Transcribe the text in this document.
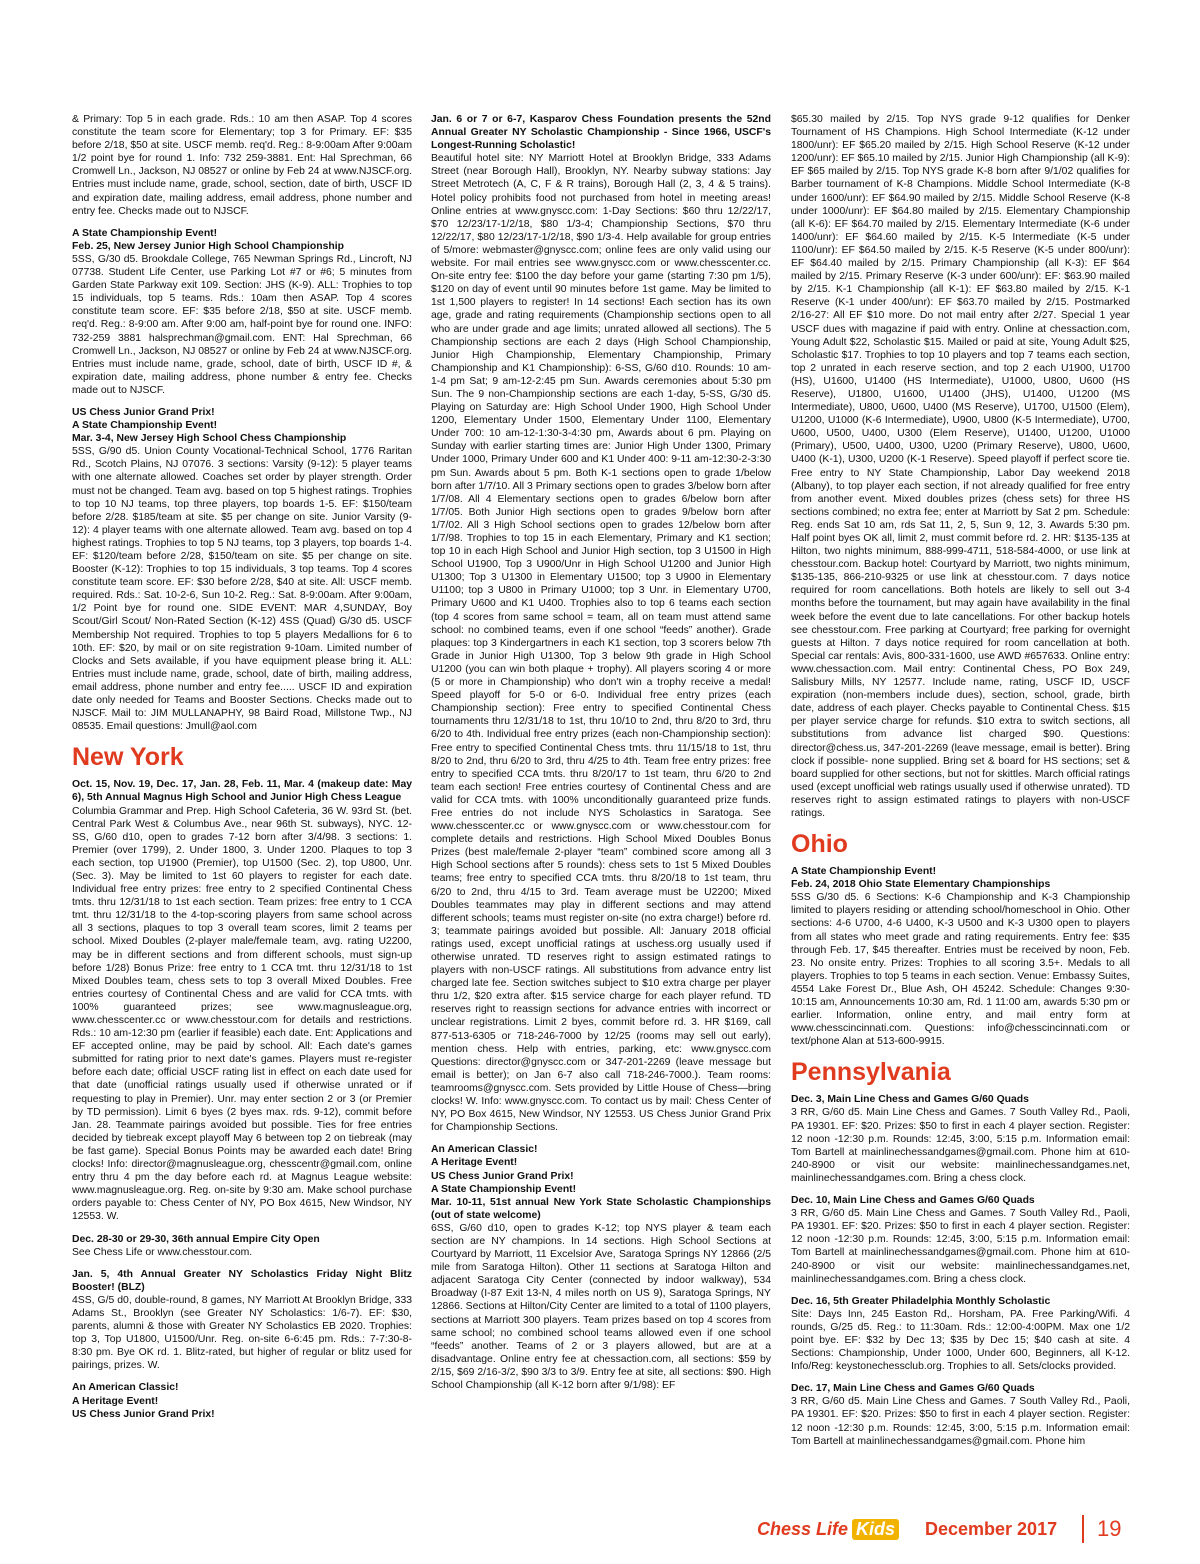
& Primary: Top 5 in each grade. Rds.: 10 am then ASAP. Top 4 scores constitute the team score for Elementary; top 3 for Primary. EF: $35 before 2/18, $50 at site. USCF memb. req'd. Reg.: 8-9:00am After 9:00am 1/2 point bye for round 1. Info: 732 259-3881. Ent: Hal Sprechman, 66 Cromwell Ln., Jackson, NJ 08527 or online by Feb 24 at www.NJSCF.org. Entries must include name, grade, school, section, date of birth, USCF ID and expiration date, mailing address, email address, phone number and entry fee. Checks made out to NJSCF.

A State Championship Event!
Feb. 25, New Jersey Junior High School Championship
5SS, G/30 d5. Brookdale College, 765 Newman Springs Rd., Lincroft, NJ 07738. Student Life Center, use Parking Lot #7 or #6; 5 minutes from Garden State Parkway exit 109. Section: JHS (K-9). ALL: Trophies to top 15 individuals, top 5 teams. Rds.: 10am then ASAP. Top 4 scores constitute team score. EF: $35 before 2/18, $50 at site. USCF memb. req'd. Reg.: 8-9:00 am. After 9:00 am, half-point bye for round one. INFO: 732-259 3881 halsprechman@gmail.com. ENT: Hal Sprechman, 66 Cromwell Ln., Jackson, NJ 08527 or online by Feb 24 at www.NJSCF.org. Entries must include name, grade, school, date of birth, USCF ID #, & expiration date, mailing address, phone number & entry fee. Checks made out to NJSCF.

US Chess Junior Grand Prix!
A State Championship Event!
Mar. 3-4, New Jersey High School Chess Championship
5SS, G/90 d5. Union County Vocational-Technical School, 1776 Raritan Rd., Scotch Plains, NJ 07076. 3 sections: Varsity (9-12): 5 player teams with one alternate allowed. Coaches set order by player strength. Order must not be changed. Team avg. based on top 5 highest ratings. Trophies to top 10 NJ teams, top three players, top boards 1-5. EF: $150/team before 2/28. $185/team at site. $5 per change on site. Junior Varsity (9-12): 4 player teams with one alternate allowed. Team avg. based on top 4 highest ratings. Trophies to top 5 NJ teams, top 3 players, top boards 1-4. EF: $120/team before 2/28, $150/team on site. $5 per change on site. Booster (K-12): Trophies to top 15 individuals, 3 top teams. Top 4 scores constitute team score. EF: $30 before 2/28, $40 at site. All: USCF memb. required. Rds.: Sat. 10-2-6, Sun 10-2. Reg.: Sat. 8-9:00am. After 9:00am, 1/2 Point bye for round one. SIDE EVENT: MAR 4,SUNDAY, Boy Scout/Girl Scout/ Non-Rated Section (K-12) 4SS (Quad) G/30 d5. USCF Membership Not required. Trophies to top 5 players Medallions for 6 to 10th. EF: $20, by mail or on site registration 9-10am. Limited number of Clocks and Sets available, if you have equipment please bring it. ALL: Entries must include name, grade, school, date of birth, mailing address, email address, phone number and entry fee..... USCF ID and expiration date only needed for Teams and Booster Sections. Checks made out to NJSCF. Mail to: JIM MULLANAPHY, 98 Baird Road, Millstone Twp., NJ 08535. Email questions: Jmull@aol.com

New York

Oct. 15, Nov. 19, Dec. 17, Jan. 28, Feb. 11, Mar. 4 (makeup date: May 6), 5th Annual Magnus High School and Junior High Chess League
Columbia Grammar and Prep. High School Cafeteria, 36 W. 93rd St. (bet. Central Park West & Columbus Ave., near 96th St. subways), NYC. 12-SS, G/60 d10, open to grades 7-12 born after 3/4/98. 3 sections: 1. Premier (over 1799), 2. Under 1800, 3. Under 1200. Plaques to top 3 each section, top U1900 (Premier), top U1500 (Sec. 2), top U800, Unr. (Sec. 3). May be limited to 1st 60 players to register for each date. Individual free entry prizes: free entry to 2 specified Continental Chess tmts. thru 12/31/18 to 1st each section. Team prizes: free entry to 1 CCA tmt. thru 12/31/18 to the 4-top-scoring players from same school across all 3 sections, plaques to top 3 overall team scores, limit 2 teams per school. Mixed Doubles (2-player male/female team, avg. rating U2200, may be in different sections and from different schools, must sign-up before 1/28) Bonus Prize: free entry to 1 CCA tmt. thru 12/31/18 to 1st Mixed Doubles team, chess sets to top 3 overall Mixed Doubles. Free entries courtesy of Continental Chess and are valid for CCA tmts. with 100% guaranteed prizes; see www.magnusleague.org, www.chesscenter.cc or www.chesstour.com for details and restrictions. Rds.: 10 am-12:30 pm (earlier if feasible) each date. Ent: Applications and EF accepted online, may be paid by school. All: Each date's games submitted for rating prior to next date's games. Players must re-register before each date; official USCF rating list in effect on each date used for that date (unofficial ratings usually used if otherwise unrated or if requesting to play in Premier). Unr. may enter section 2 or 3 (or Premier by TD permission). Limit 6 byes (2 byes max. rds. 9-12), commit before Jan. 28. Teammate pairings avoided but possible. Ties for free entries decided by tiebreak except playoff May 6 between top 2 on tiebreak (may be fast game). Special Bonus Points may be awarded each date! Bring clocks! Info: director@magnusleague.org, chesscentr@gmail.com, online entry thru 4 pm the day before each rd. at Magnus League website: www.magnusleague.org. Reg. on-site by 9:30 am. Make school purchase orders payable to: Chess Center of NY, PO Box 4615, New Windsor, NY 12553. W.

Dec. 28-30 or 29-30, 36th annual Empire City Open
See Chess Life or www.chesstour.com.

Jan. 5, 4th Annual Greater NY Scholastics Friday Night Blitz Booster! (BLZ)
4SS, G/5 d0, double-round, 8 games, NY Marriott At Brooklyn Bridge, 333 Adams St., Brooklyn (see Greater NY Scholastics: 1/6-7). EF: $30, parents, alumni & those with Greater NY Scholastics EB 2020. Trophies: top 3, Top U1800, U1500/Unr. Reg. on-site 6-6:45 pm. Rds.: 7-7:30-8-8:30 pm. Bye OK rd. 1. Blitz-rated, but higher of regular or blitz used for pairings, prizes. W.

An American Classic!
A Heritage Event!
US Chess Junior Grand Prix!

Jan. 6 or 7 or 6-7, Kasparov Chess Foundation presents the 52nd Annual Greater NY Scholastic Championship - Since 1966, USCF's Longest-Running Scholastic!
Beautiful hotel site: NY Marriott Hotel at Brooklyn Bridge, 333 Adams Street (near Borough Hall), Brooklyn, NY. Nearby subway stations: Jay Street Metrotech (A, C, F & R trains), Borough Hall (2, 3, 4 & 5 trains). Hotel policy prohibits food not purchased from hotel in meeting areas! Online entries at www.gnyscc.com: 1-Day Sections: $60 thru 12/22/17, $70 12/23/17-1/2/18, $80 1/3-4; Championship Sections, $70 thru 12/22/17, $80 12/23/17-1/2/18, $90 1/3-4. Help available for group entries of 5/more: webmaster@gnyscc.com; online fees are only valid using our website. For mail entries see www.gnyscc.com or www.chesscenter.cc. On-site entry fee: $100 the day before your game (starting 7:30 pm 1/5), $120 on day of event until 90 minutes before 1st game. May be limited to 1st 1,500 players to register! In 14 sections! Each section has its own age, grade and rating requirements (Championship sections open to all who are under grade and age limits; unrated allowed all sections). The 5 Championship sections are each 2 days (High School Championship, Junior High Championship, Elementary Championship, Primary Championship and K1 Championship): 6-SS, G/60 d10. Rounds: 10 am-1-4 pm Sat; 9 am-12-2:45 pm Sun. Awards ceremonies about 5:30 pm Sun. The 9 non-Championship sections are each 1-day, 5-SS, G/30 d5. Playing on Saturday are: High School Under 1900, High School Under 1200, Elementary Under 1500, Elementary Under 1100, Elementary Under 700: 10 am-12-1:30-3-4:30 pm, Awards about 6 pm. Playing on Sunday with earlier starting times are: Junior High Under 1300, Primary Under 1000, Primary Under 600 and K1 Under 400: 9-11 am-12:30-2-3:30 pm Sun. Awards about 5 pm. Both K-1 sections open to grade 1/below born after 1/7/10. All 3 Primary sections open to grades 3/below born after 1/7/08. All 4 Elementary sections open to grades 6/below born after 1/7/05. Both Junior High sections open to grades 9/below born after 1/7/02. All 3 High School sections open to grades 12/below born after 1/7/98. Trophies to top 15 in each Elementary, Primary and K1 section; top 10 in each High School and Junior High section, top 3 U1500 in High School U1900, Top 3 U900/Unr in High School U1200 and Junior High U1300; Top 3 U1300 in Elementary U1500; top 3 U900 in Elementary U1100; top 3 U800 in Primary U1000; top 3 Unr. in Elementary U700, Primary U600 and K1 U400. Trophies also to top 6 teams each section (top 4 scores from same school = team, all on team must attend same school: no combined teams, even if one school “feeds” another). Grade plaques: top 3 Kindergartners in each K1 section, top 3 scorers below 7th Grade in Junior High U1300, Top 3 below 9th grade in High School U1200 (you can win both plaque + trophy). All players scoring 4 or more (5 or more in Championship) who don't win a trophy receive a medal! Speed playoff for 5-0 or 6-0. Individual free entry prizes (each Championship section): Free entry to specified Continental Chess tournaments thru 12/31/18 to 1st, thru 10/10 to 2nd, thru 8/20 to 3rd, thru 6/20 to 4th. Individual free entry prizes (each non-Championship section): Free entry to specified Continental Chess tmts. thru 11/15/18 to 1st, thru 8/20 to 2nd, thru 6/20 to 3rd, thru 4/25 to 4th. Team free entry prizes: free entry to specified CCA tmts. thru 8/20/17 to 1st team, thru 6/20 to 2nd team each section! Free entries courtesy of Continental Chess and are valid for CCA tmts. with 100% unconditionally guaranteed prize funds. Free entries do not include NYS Scholastics in Saratoga. See www.chesscenter.cc or www.gnyscc.com or www.chesstour.com for complete details and restrictions. High School Mixed Doubles Bonus Prizes (best male/female 2-player “team” combined score among all 3 High School sections after 5 rounds): chess sets to 1st 5 Mixed Doubles teams; free entry to specified CCA tmts. thru 8/20/18 to 1st team, thru 6/20 to 2nd, thru 4/15 to 3rd. Team average must be U2200; Mixed Doubles teammates may play in different sections and may attend different schools; teams must register on-site (no extra charge!) before rd. 3; teammate pairings avoided but possible. All: January 2018 official ratings used, except unofficial ratings at uschess.org usually used if otherwise unrated. TD reserves right to assign estimated ratings to players with non-USCF ratings. All substitutions from advance entry list charged late fee. Section switches subject to $10 extra charge per player thru 1/2, $20 extra after. $15 service charge for each player refund. TD reserves right to reassign sections for advance entries with incorrect or unclear registrations. Limit 2 byes, commit before rd. 3. HR $169, call 877-513-6305 or 718-246-7000 by 12/25 (rooms may sell out early), mention chess. Help with entries, parking, etc: www.gnyscc.com Questions: director@gnyscc.com or 347-201-2269 (leave message but email is better); on Jan 6-7 also call 718-246-7000.). Team rooms: teamrooms@gnyscc.com. Sets provided by Little House of Chess—bring clocks! W. Info: www.gnyscc.com. To contact us by mail: Chess Center of NY, PO Box 4615, New Windsor, NY 12553. US Chess Junior Grand Prix for Championship Sections.

An American Classic!
A Heritage Event!
US Chess Junior Grand Prix!
A State Championship Event!
Mar. 10-11, 51st annual New York State Scholastic Championships (out of state welcome)
6SS, G/60 d10, open to grades K-12; top NYS player & team each section are NY champions. In 14 sections. High School Sections at Courtyard by Marriott, 11 Excelsior Ave, Saratoga Springs NY 12866 (2/5 mile from Saratoga Hilton). Other 11 sections at Saratoga Hilton and adjacent Saratoga City Center (connected by indoor walkway), 534 Broadway (I-87 Exit 13-N, 4 miles north on US 9), Saratoga Springs, NY 12866. Sections at Hilton/City Center are limited to a total of 1100 players, sections at Marriott 300 players. Team prizes based on top 4 scores from same school; no combined school teams allowed even if one school “feeds” another. Teams of 2 or 3 players allowed, but are at a disadvantage. Online entry fee at chessaction.com, all sections: $59 by 2/15, $69 2/16-3/2, $90 3/3 to 3/9. Entry fee at site, all sections: $90. High School Championship (all K-12 born after 9/1/98): EF

$65.30 mailed by 2/15. Top NYS grade 9-12 qualifies for Denker Tournament of HS Champions. High School Intermediate (K-12 under 1800/unr): EF $65.20 mailed by 2/15. High School Reserve (K-12 under 1200/unr): EF $65.10 mailed by 2/15. Junior High Championship (all K-9): EF $65 mailed by 2/15. Top NYS grade K-8 born after 9/1/02 qualifies for Barber tournament of K-8 Champions. Middle School Intermediate (K-8 under 1600/unr): EF $64.90 mailed by 2/15. Middle School Reserve (K-8 under 1000/unr): EF $64.80 mailed by 2/15. Elementary Championship (all K-6): EF $64.70 mailed by 2/15. Elementary Intermediate (K-6 under 1400/unr): EF $64.60 mailed by 2/15. K-5 Intermediate (K-5 under 1100/unr): EF $64.50 mailed by 2/15. K-5 Reserve (K-5 under 800/unr): EF $64.40 mailed by 2/15. Primary Championship (all K-3): EF $64 mailed by 2/15. Primary Reserve (K-3 under 600/unr): EF: $63.90 mailed by 2/15. K-1 Championship (all K-1): EF $63.80 mailed by 2/15. K-1 Reserve (K-1 under 400/unr): EF $63.70 mailed by 2/15. Postmarked 2/16-27: All EF $10 more. Do not mail entry after 2/27. Special 1 year USCF dues with magazine if paid with entry. Online at chessaction.com, Young Adult $22, Scholastic $15. Mailed or paid at site, Young Adult $25, Scholastic $17. Trophies to top 10 players and top 7 teams each section, top 2 unrated in each reserve section, and top 2 each U1900, U1700 (HS), U1600, U1400 (HS Intermediate), U1000, U800, U600 (HS Reserve), U1800, U1600, U1400 (JHS), U1400, U1200 (MS Intermediate), U800, U600, U400 (MS Reserve), U1700, U1500 (Elem), U1200, U1000 (K-6 Intermediate), U900, U800 (K-5 Intermediate), U700, U600, U500, U400, U300 (Elem Reserve), U1400, U1200, U1000 (Primary), U500, U400, U300, U200 (Primary Reserve), U800, U600, U400 (K-1), U300, U200 (K-1 Reserve). Speed playoff if perfect score tie. Free entry to NY State Championship, Labor Day weekend 2018 (Albany), to top player each section, if not already qualified for free entry from another event. Mixed doubles prizes (chess sets) for three HS sections combined; no extra fee; enter at Marriott by Sat 2 pm. Schedule: Reg. ends Sat 10 am, rds Sat 11, 2, 5, Sun 9, 12, 3. Awards 5:30 pm. Half point byes OK all, limit 2, must commit before rd. 2. HR: $135-135 at Hilton, two nights minimum, 888-999-4711, 518-584-4000, or use link at chesstour.com. Backup hotel: Courtyard by Marriott, two nights minimum, $135-135, 866-210-9325 or use link at chesstour.com. 7 days notice required for room cancellations. Both hotels are likely to sell out 3-4 months before the tournament, but may again have availability in the final week before the event due to late cancellations. For other backup hotels see chesstour.com. Free parking at Courtyard; free parking for overnight guests at Hilton. 7 days notice required for room cancellation at both. Special car rentals: Avis, 800-331-1600, use AWD #657633. Online entry: www.chessaction.com. Mail entry: Continental Chess, PO Box 249, Salisbury Mills, NY 12577. Include name, rating, USCF ID, USCF expiration (non-members include dues), section, school, grade, birth date, address of each player. Checks payable to Continental Chess. $15 per player service charge for refunds. $10 extra to switch sections, all substitutions from advance list charged $90. Questions: director@chess.us, 347-201-2269 (leave message, email is better). Bring clock if possible- none supplied. Bring set & board for HS sections; set & board supplied for other sections, but not for skittles. March official ratings used (except unofficial web ratings usually used if otherwise unrated). TD reserves right to assign estimated ratings to players with non-USCF ratings.

Ohio

A State Championship Event!
Feb. 24, 2018 Ohio State Elementary Championships
5SS G/30 d5. 6 Sections: K-6 Championship and K-3 Championship limited to players residing or attending school/homeschool in Ohio. Other sections: 4-6 U700, 4-6 U400, K-3 U500 and K-3 U300 open to players from all states who meet grade and rating requirements. Entry fee: $35 through Feb. 17, $45 thereafter. Entries must be received by noon, Feb. 23. No onsite entry. Prizes: Trophies to all scoring 3.5+. Medals to all players. Trophies to top 5 teams in each section. Venue: Embassy Suites, 4554 Lake Forest Dr., Blue Ash, OH 45242. Schedule: Changes 9:30-10:15 am, Announcements 10:30 am, Rd. 1 11:00 am, awards 5:30 pm or earlier. Information, online entry, and mail entry form at www.chesscincinnati.com. Questions: info@chesscincinnati.com or text/phone Alan at 513-600-9915.

Pennsylvania

Dec. 3, Main Line Chess and Games G/60 Quads
3 RR, G/60 d5. Main Line Chess and Games. 7 South Valley Rd., Paoli, PA 19301. EF: $20. Prizes: $50 to first in each 4 player section. Register: 12 noon -12:30 p.m. Rounds: 12:45, 3:00, 5:15 p.m. Information email: Tom Bartell at mainlinechessandgames@gmail.com. Phone him at 610-240-8900 or visit our website: mainlinechessandgames.net, mainlinechessandgames.com. Bring a chess clock.

Dec. 10, Main Line Chess and Games G/60 Quads
3 RR, G/60 d5. Main Line Chess and Games. 7 South Valley Rd., Paoli, PA 19301. EF: $20. Prizes: $50 to first in each 4 player section. Register: 12 noon -12:30 p.m. Rounds: 12:45, 3:00, 5:15 p.m. Information email: Tom Bartell at mainlinechessandgames@gmail.com. Phone him at 610-240-8900 or visit our website: mainlinechessandgames.net, mainlinechessandgames.com. Bring a chess clock.

Dec. 16, 5th Greater Philadelphia Monthly Scholastic
Site: Days Inn, 245 Easton Rd,. Horsham, PA. Free Parking/Wifi. 4 rounds, G/25 d5. Reg.: to 11:30am. Rds.: 12:00-4:00PM. Max one 1/2 point bye. EF: $32 by Dec 13; $35 by Dec 15; $40 cash at site. 4 Sections: Championship, Under 1000, Under 600, Beginners, all K-12. Info/Reg: keystonechessclub.org. Trophies to all. Sets/clocks provided.

Dec. 17, Main Line Chess and Games G/60 Quads
3 RR, G/60 d5. Main Line Chess and Games. 7 South Valley Rd., Paoli, PA 19301. EF: $20. Prizes: $50 to first in each 4 player section. Register: 12 noon -12:30 p.m. Rounds: 12:45, 3:00, 5:15 p.m. Information email: Tom Bartell at mainlinechessandgames@gmail.com. Phone him

Chess Life Kids December 2017 19
